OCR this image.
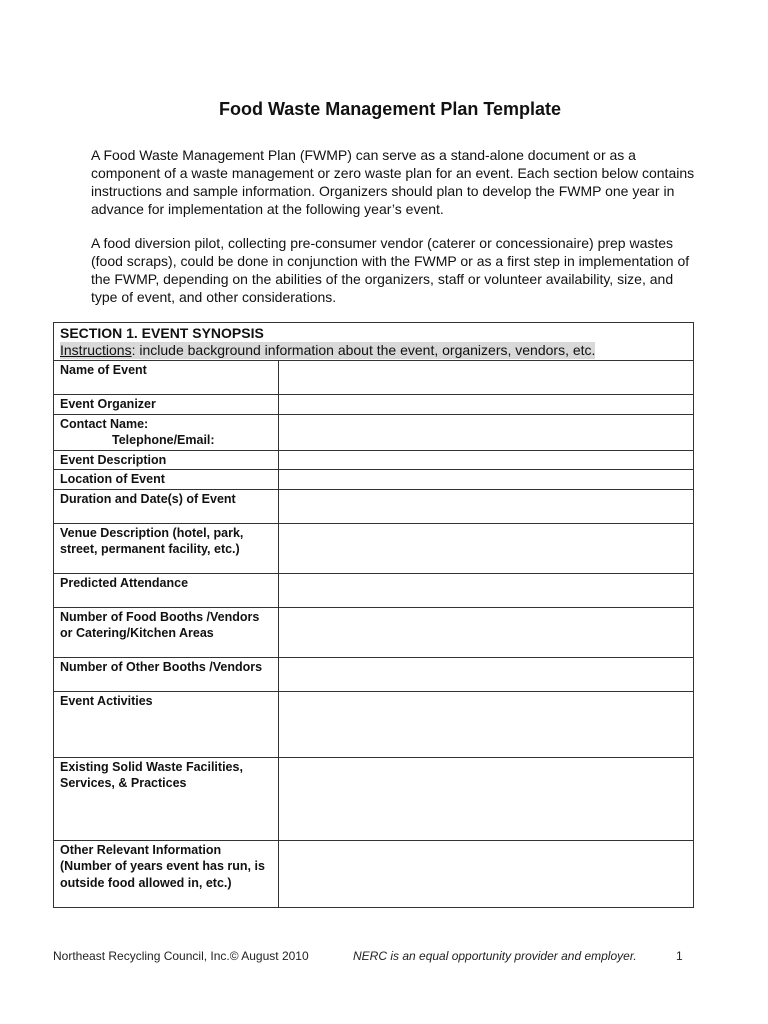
Food Waste Management Plan Template
A Food Waste Management Plan (FWMP) can serve as a stand-alone document or as a component of a waste management or zero waste plan for an event. Each section below contains instructions and sample information. Organizers should plan to develop the FWMP one year in advance for implementation at the following year’s event.
A food diversion pilot, collecting pre-consumer vendor (caterer or concessionaire) prep wastes (food scraps), could be done in conjunction with the FWMP or as a first step in implementation of the FWMP, depending on the abilities of the organizers, staff or volunteer availability, size, and type of event, and other considerations.
SECTION 1. EVENT SYNOPSIS
Instructions: include background information about the event, organizers, vendors, etc.	
Name of Event	
Event Organizer	

Contact Name:
Telephone/Email:	

Event Description	
Location of Event	
Duration and Date(s) of Event	
Venue Description (hotel, park, street, permanent facility, etc.)	
Predicted Attendance	
Number of Food Booths /Vendors or Catering/Kitchen Areas	
Number of Other Booths /Vendors	
Event Activities	
Existing Solid Waste Facilities, Services, & Practices	
Other Relevant Information (Number of years event has run, is outside food allowed in, etc.)	
Northeast Recycling Council, Inc.© August 2010	NERC is an equal opportunity provider and employer.	1
